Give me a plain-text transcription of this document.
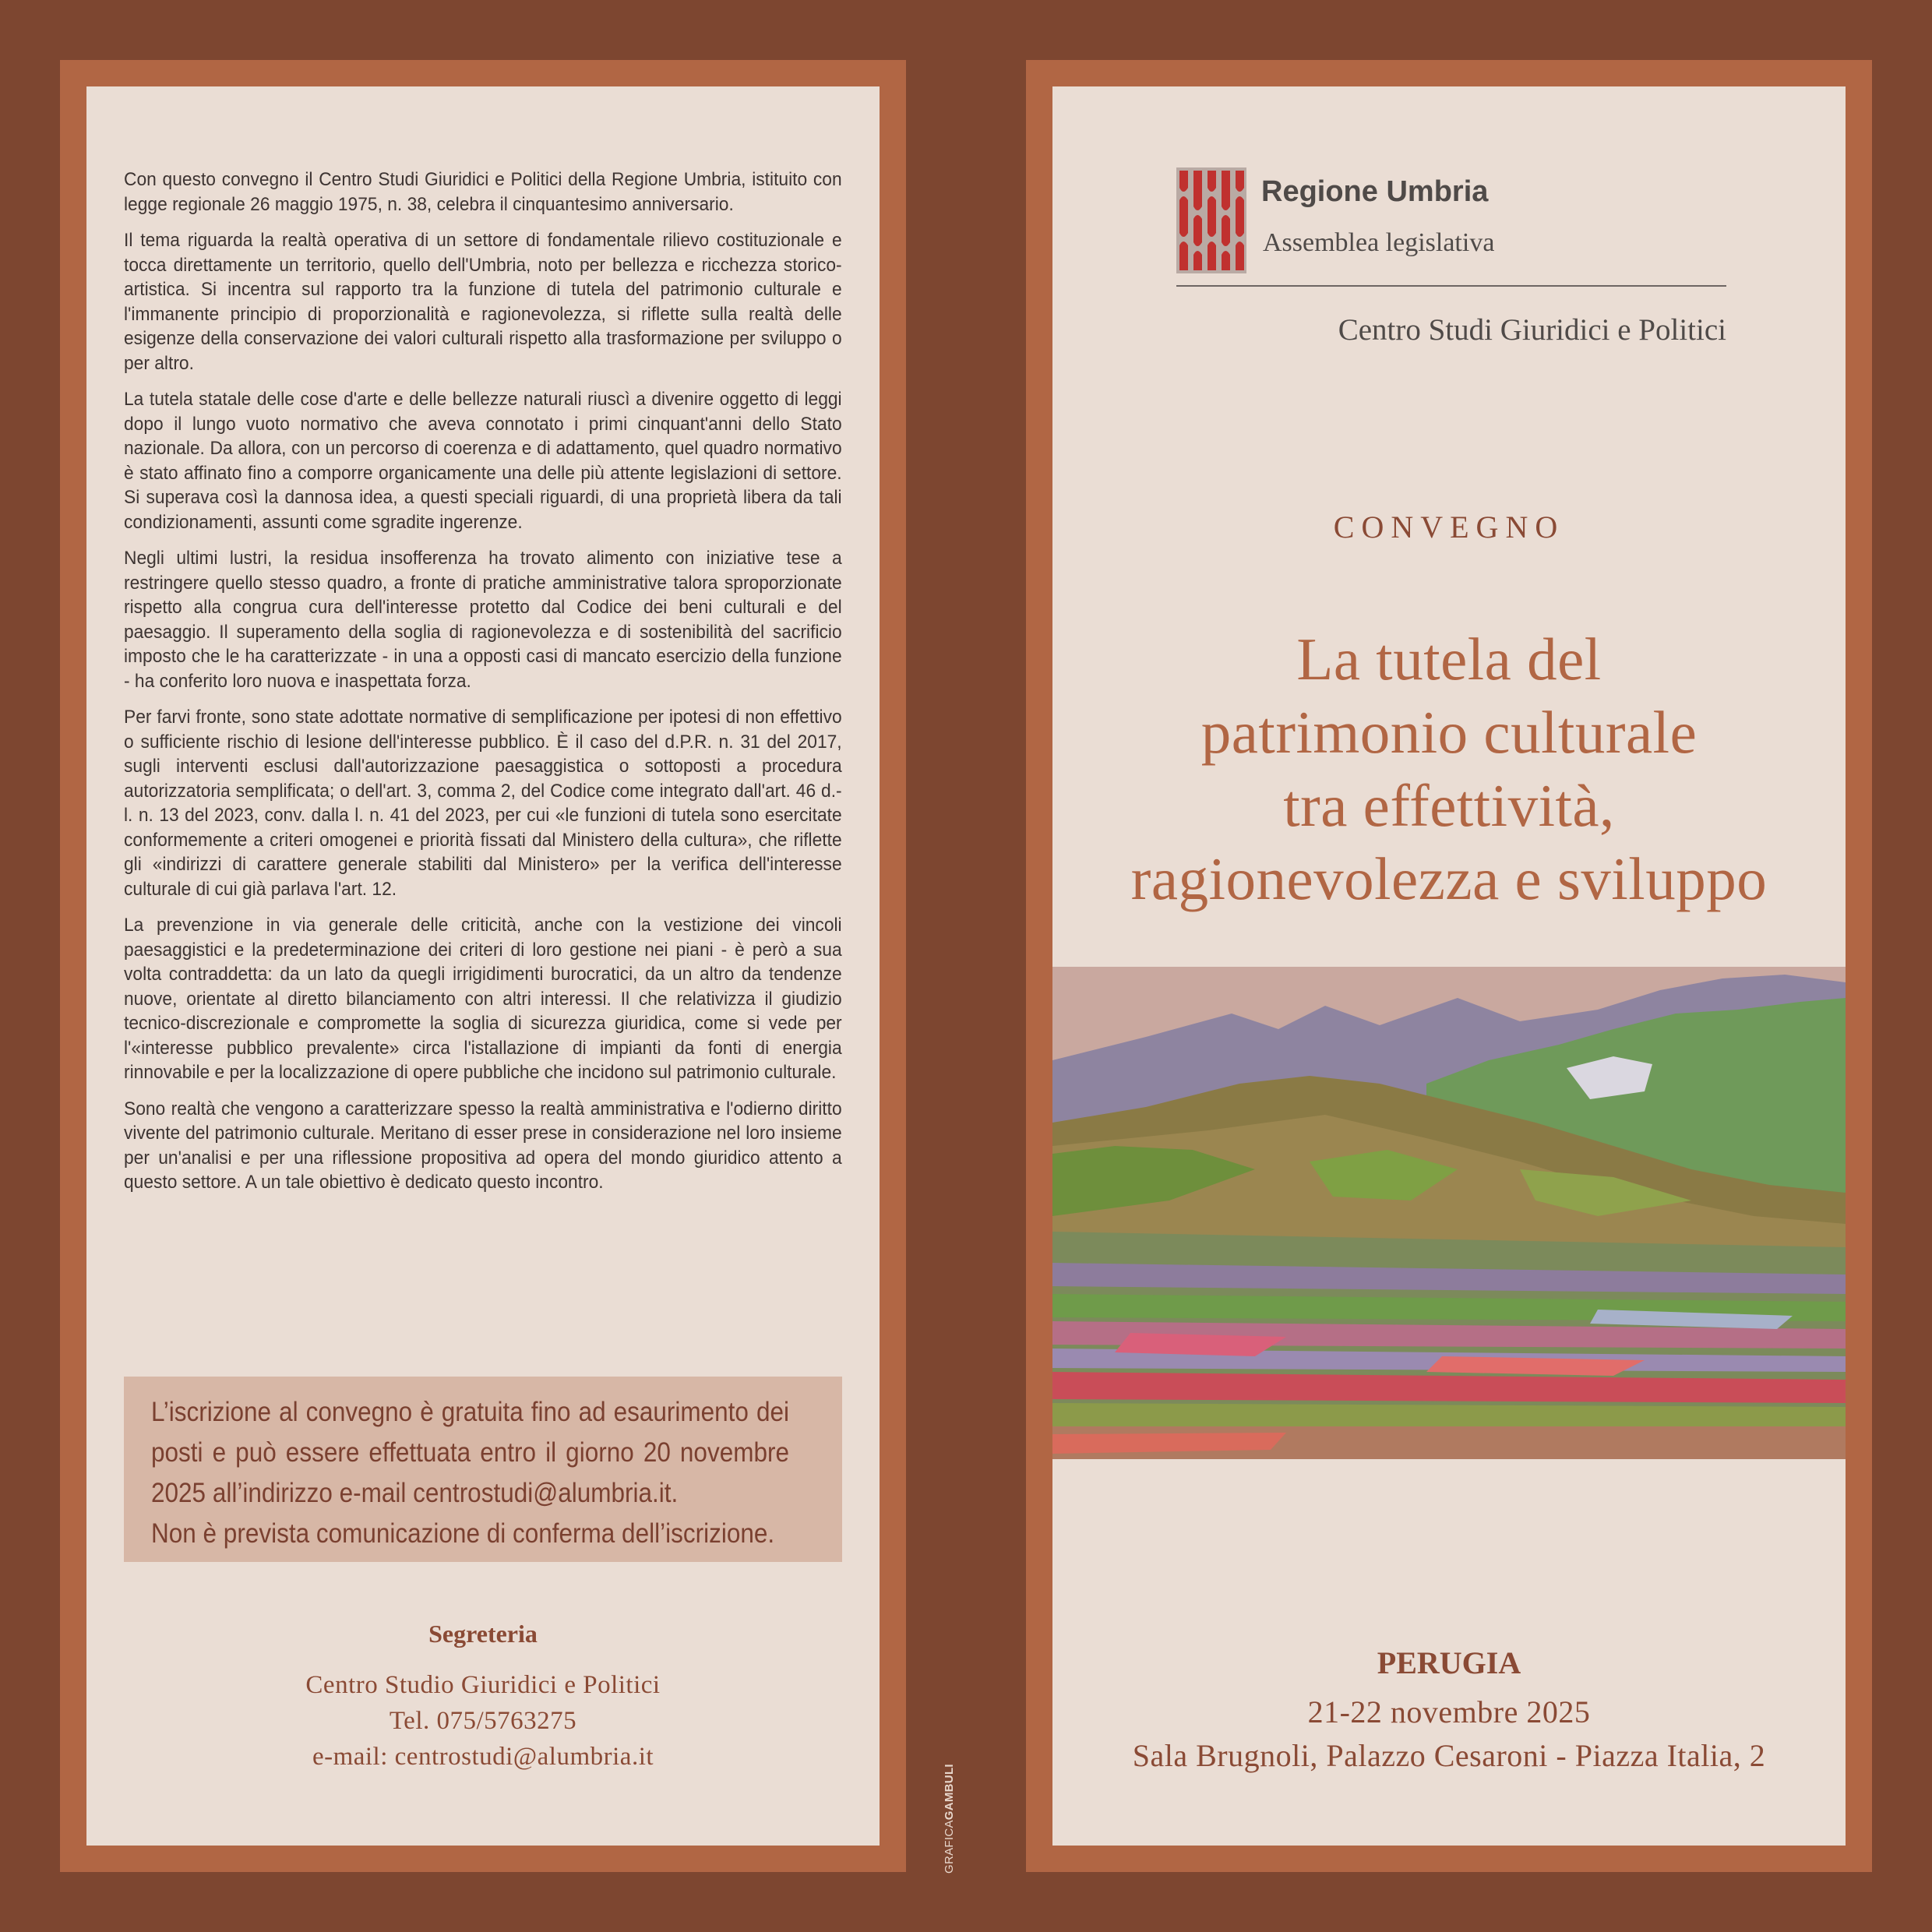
Con questo convegno il Centro Studi Giuridici e Politici della Regione Umbria, istituito con legge regionale 26 maggio 1975, n. 38, celebra il cinquantesimo anniversario.

Il tema riguarda la realtà operativa di un settore di fondamentale rilievo costituzionale e tocca direttamente un territorio, quello dell'Umbria, noto per bellezza e ricchezza storico-artistica. Si incentra sul rapporto tra la funzione di tutela del patrimonio culturale e l'immanente principio di proporzionalità e ragionevolezza, si riflette sulla realtà delle esigenze della conservazione dei valori culturali rispetto alla trasformazione per sviluppo o per altro.

La tutela statale delle cose d'arte e delle bellezze naturali riuscì a divenire oggetto di leggi dopo il lungo vuoto normativo che aveva connotato i primi cinquant'anni dello Stato nazionale. Da allora, con un percorso di coerenza e di adattamento, quel quadro normativo è stato affinato fino a comporre organicamente una delle più attente legislazioni di settore. Si superava così la dannosa idea, a questi speciali riguardi, di una proprietà libera da tali condizionamenti, assunti come sgradite ingerenze.

Negli ultimi lustri, la residua insofferenza ha trovato alimento con iniziative tese a restringere quello stesso quadro, a fronte di pratiche amministrative talora sproporzionate rispetto alla congrua cura dell'interesse protetto dal Codice dei beni culturali e del paesaggio. Il superamento della soglia di ragionevolezza e di sostenibilità del sacrificio imposto che le ha caratterizzate - in una a opposti casi di mancato esercizio della funzione - ha conferito loro nuova e inaspettata forza.

Per farvi fronte, sono state adottate normative di semplificazione per ipotesi di non effettivo o sufficiente rischio di lesione dell'interesse pubblico. È il caso del d.P.R. n. 31 del 2017, sugli interventi esclusi dall'autorizzazione paesaggistica o sottoposti a procedura autorizzatoria semplificata; o dell'art. 3, comma 2, del Codice come integrato dall'art. 46 d.-l. n. 13 del 2023, conv. dalla l. n. 41 del 2023, per cui «le funzioni di tutela sono esercitate conformemente a criteri omogenei e priorità fissati dal Ministero della cultura», che riflette gli «indirizzi di carattere generale stabiliti dal Ministero» per la verifica dell'interesse culturale di cui già parlava l'art. 12.

La prevenzione in via generale delle criticità, anche con la vestizione dei vincoli paesaggistici e la predeterminazione dei criteri di loro gestione nei piani - è però a sua volta contraddetta: da un lato da quegli irrigidimenti burocratici, da un altro da tendenze nuove, orientate al diretto bilanciamento con altri interessi. Il che relativizza il giudizio tecnico-discrezionale e compromette la soglia di sicurezza giuridica, come si vede per l'«interesse pubblico prevalente» circa l'istallazione di impianti da fonti di energia rinnovabile e per la localizzazione di opere pubbliche che incidono sul patrimonio culturale.

Sono realtà che vengono a caratterizzare spesso la realtà amministrativa e l'odierno diritto vivente del patrimonio culturale. Meritano di esser prese in considerazione nel loro insieme per un'analisi e per una riflessione propositiva ad opera del mondo giuridico attento a questo settore. A un tale obiettivo è dedicato questo incontro.

L’iscrizione al convegno è gratuita fino ad esaurimento dei posti e può essere effettuata entro il giorno 20 novembre 2025 all’indirizzo e-mail centrostudi@alumbria.it.
Non è prevista comunicazione di conferma dell’iscrizione.

Segreteria
Centro Studio Giuridici e Politici
Tel. 075/5763275
e-mail: centrostudi@alumbria.it
GRAFICAGAMBULI
Regione Umbria
Assemblea legislativa
Centro Studi Giuridici e Politici
CONVEGNO
La tutela del
patrimonio culturale
tra effettività,
ragionevolezza e sviluppo
PERUGIA
21-22 novembre 2025
Sala Brugnoli, Palazzo Cesaroni - Piazza Italia, 2
